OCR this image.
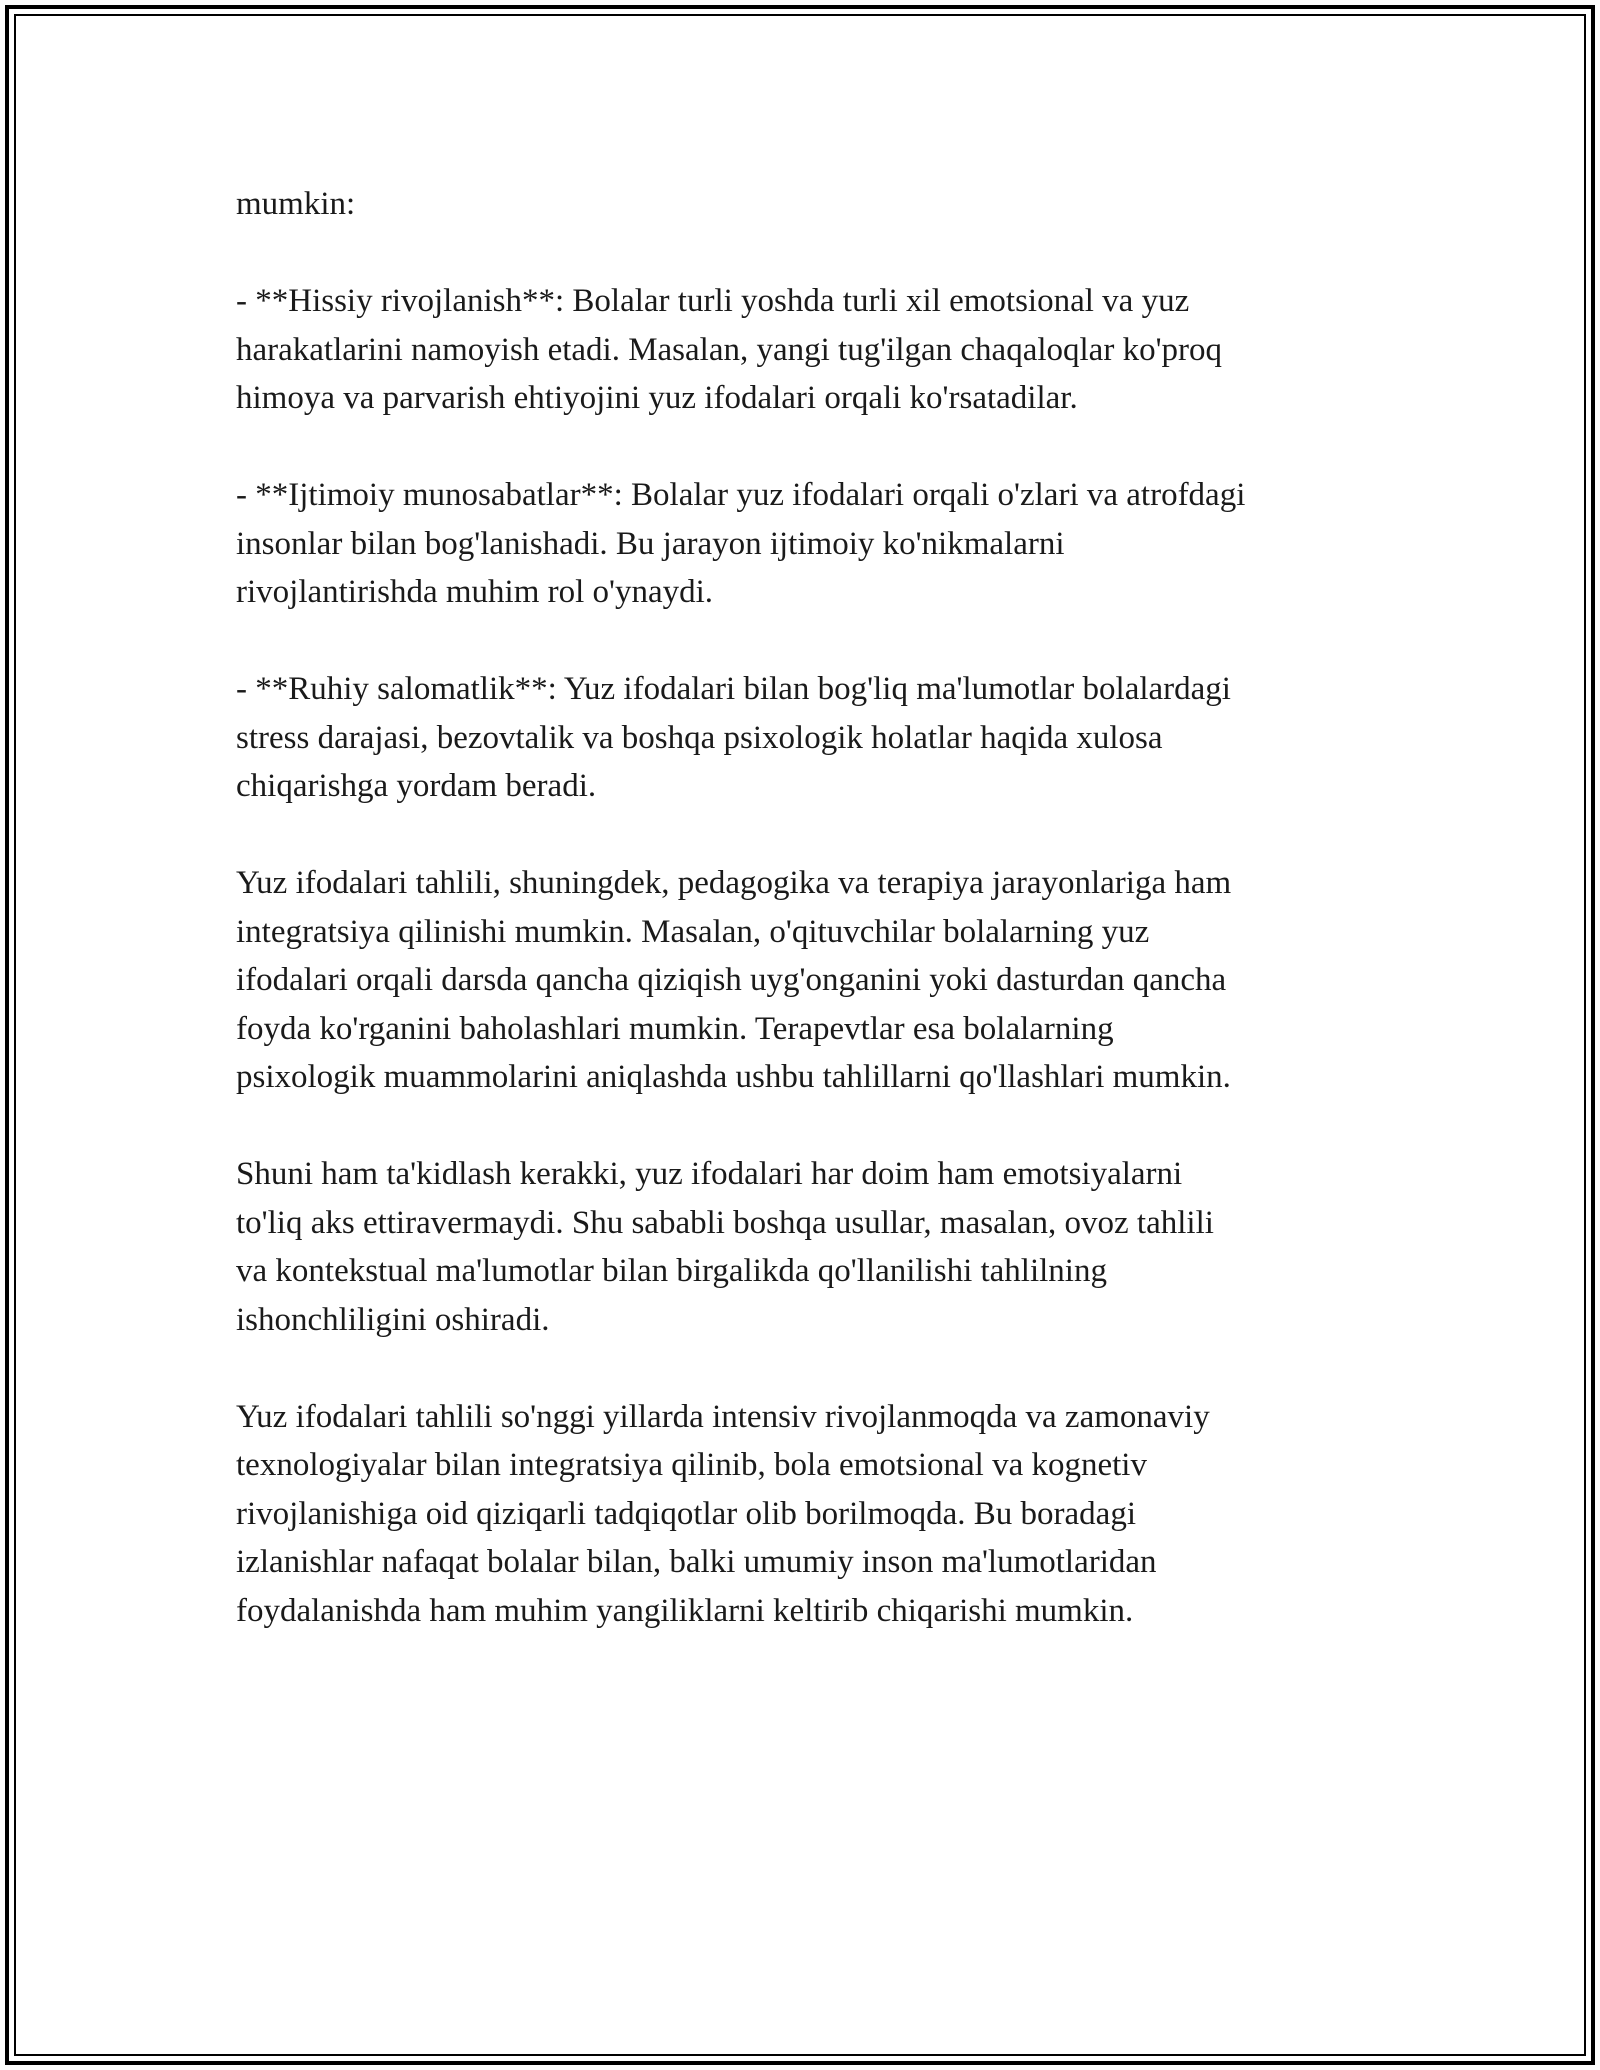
mumkin:

- **Hissiy rivojlanish**: Bolalar turli yoshda turli xil emotsional va yuz
harakatlarini namoyish etadi. Masalan, yangi tug'ilgan chaqaloqlar ko'proq
himoya va parvarish ehtiyojini yuz ifodalari orqali ko'rsatadilar.

- **Ijtimoiy munosabatlar**: Bolalar yuz ifodalari orqali o'zlari va atrofdagi
insonlar bilan bog'lanishadi. Bu jarayon ijtimoiy ko'nikmalarni
rivojlantirishda muhim rol o'ynaydi.

- **Ruhiy salomatlik**: Yuz ifodalari bilan bog'liq ma'lumotlar bolalardagi
stress darajasi, bezovtalik va boshqa psixologik holatlar haqida xulosa
chiqarishga yordam beradi.

Yuz ifodalari tahlili, shuningdek, pedagogika va terapiya jarayonlariga ham
integratsiya qilinishi mumkin. Masalan, o'qituvchilar bolalarning yuz
ifodalari orqali darsda qancha qiziqish uyg'onganini yoki dasturdan qancha
foyda ko'rganini baholashlari mumkin. Terapevtlar esa bolalarning
psixologik muammolarini aniqlashda ushbu tahlillarni qo'llashlari mumkin.

Shuni ham ta'kidlash kerakki, yuz ifodalari har doim ham emotsiyalarni
to'liq aks ettiravermaydi. Shu sababli boshqa usullar, masalan, ovoz tahlili
va kontekstual ma'lumotlar bilan birgalikda qo'llanilishi tahlilning
ishonchliligini oshiradi.

Yuz ifodalari tahlili so'nggi yillarda intensiv rivojlanmoqda va zamonaviy
texnologiyalar bilan integratsiya qilinib, bola emotsional va kognetiv
rivojlanishiga oid qiziqarli tadqiqotlar olib borilmoqda. Bu boradagi
izlanishlar nafaqat bolalar bilan, balki umumiy inson ma'lumotlaridan
foydalanishda ham muhim yangiliklarni keltirib chiqarishi mumkin.
